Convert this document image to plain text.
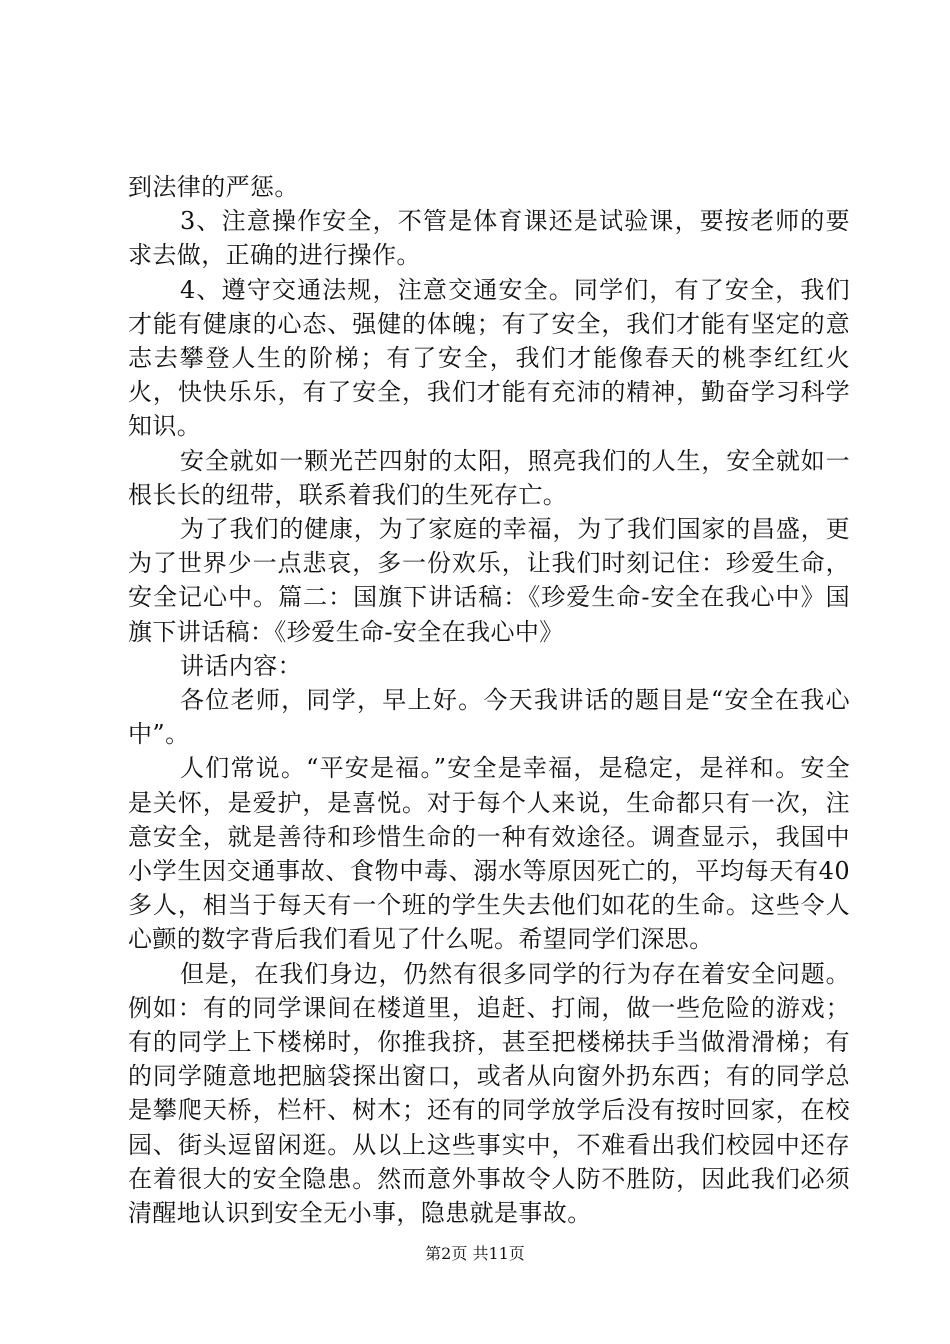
到法律的严惩。

3、注意操作安全，不管是体育课还是试验课，要按老师的要求去做，正确的进行操作。

4、遵守交通法规，注意交通安全。同学们，有了安全，我们才能有健康的心态、强健的体魄；有了安全，我们才能有坚定的意志去攀登人生的阶梯；有了安全，我们才能像春天的桃李红红火火，快快乐乐，有了安全，我们才能有充沛的精神，勤奋学习科学知识。

安全就如一颗光芒四射的太阳，照亮我们的人生，安全就如一根长长的纽带，联系着我们的生死存亡。

为了我们的健康，为了家庭的幸福，为了我们国家的昌盛，更为了世界少一点悲哀，多一份欢乐，让我们时刻记住：珍爱生命，安全记心中。篇二：国旗下讲话稿：《珍爱生命-安全在我心中》国旗下讲话稿：《珍爱生命-安全在我心中》

讲话内容：

各位老师，同学，早上好。今天我讲话的题目是“安全在我心中”。

人们常说。“平安是福。”安全是幸福，是稳定，是祥和。安全是关怀，是爱护，是喜悦。对于每个人来说，生命都只有一次，注意安全，就是善待和珍惜生命的一种有效途径。调查显示，我国中小学生因交通事故、食物中毒、溺水等原因死亡的，平均每天有40多人，相当于每天有一个班的学生失去他们如花的生命。这些令人心颤的数字背后我们看见了什么呢。希望同学们深思。

但是，在我们身边，仍然有很多同学的行为存在着安全问题。例如：有的同学课间在楼道里，追赶、打闹，做一些危险的游戏；有的同学上下楼梯时，你推我挤，甚至把楼梯扶手当做滑滑梯；有的同学随意地把脑袋探出窗口，或者从向窗外扔东西；有的同学总是攀爬天桥，栏杆、树木；还有的同学放学后没有按时回家，在校园、街头逗留闲逛。从以上这些事实中，不难看出我们校园中还存在着很大的安全隐患。然而意外事故令人防不胜防，因此我们必须清醒地认识到安全无小事，隐患就是事故。

第2页 共11页
